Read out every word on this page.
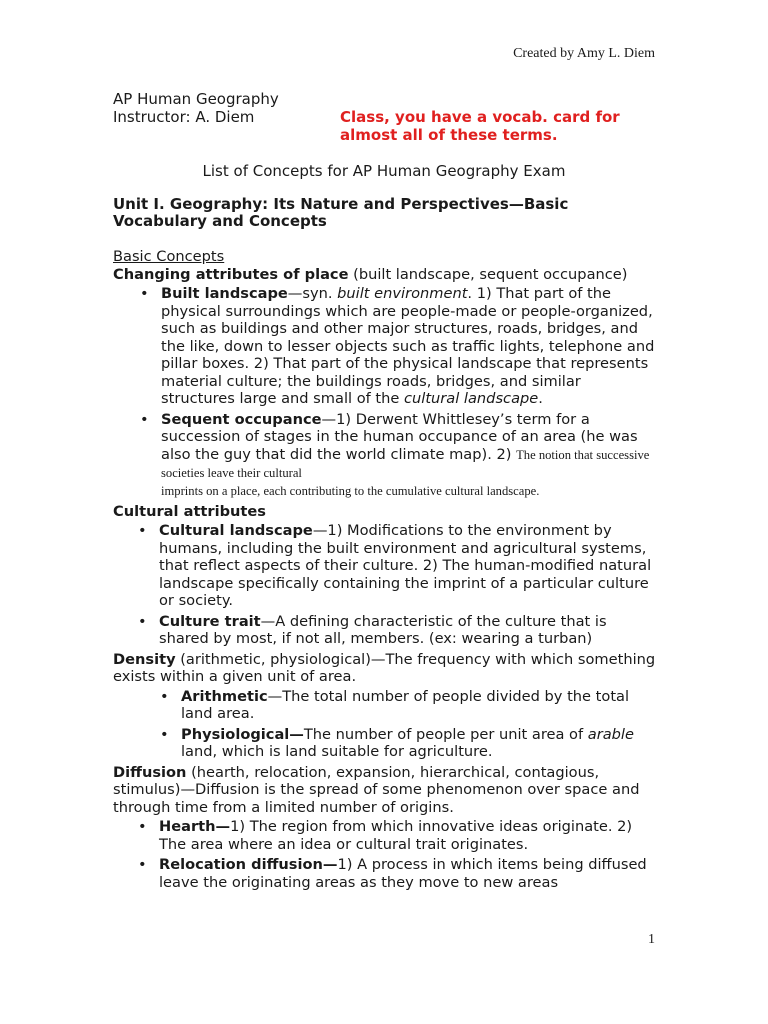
Created by Amy L. Diem
AP Human Geography
Instructor: A. Diem	Class, you have a vocab. card for
almost all of these terms.
List of Concepts for AP Human Geography Exam
Unit I. Geography: Its Nature and Perspectives—Basic
Vocabulary and Concepts
Basic Concepts
Changing attributes of place (built landscape, sequent occupance)
• Built landscape—syn. built environment. 1) That part of the physical surroundings which are people-made or people-organized, such as buildings and other major structures, roads, bridges, and the like, down to lesser objects such as traffic lights, telephone and pillar boxes. 2) That part of the physical landscape that represents material culture; the buildings roads, bridges, and similar structures large and small of the cultural landscape.
• Sequent occupance—1) Derwent Whittlesey’s term for a succession of stages in the human occupance of an area (he was also the guy that did the world climate map). 2) The notion that successive societies leave their cultural
imprints on a place, each contributing to the cumulative cultural landscape.
Cultural attributes
• Cultural landscape—1) Modifications to the environment by humans, including the built environment and agricultural systems, that reflect aspects of their culture. 2) The human-modified natural landscape specifically containing the imprint of a particular culture or society.
• Culture trait—A defining characteristic of the culture that is shared by most, if not all, members. (ex: wearing a turban)
Density (arithmetic, physiological)—The frequency with which something exists within a given unit of area.
• Arithmetic—The total number of people divided by the total land area.
• Physiological—The number of people per unit area of arable land, which is land suitable for agriculture.
Diffusion (hearth, relocation, expansion, hierarchical, contagious, stimulus)—Diffusion is the spread of some phenomenon over space and through time from a limited number of origins.
• Hearth—1) The region from which innovative ideas originate. 2) The area where an idea or cultural trait originates.
• Relocation diffusion—1) A process in which items being diffused leave the originating areas as they move to new areas
1
